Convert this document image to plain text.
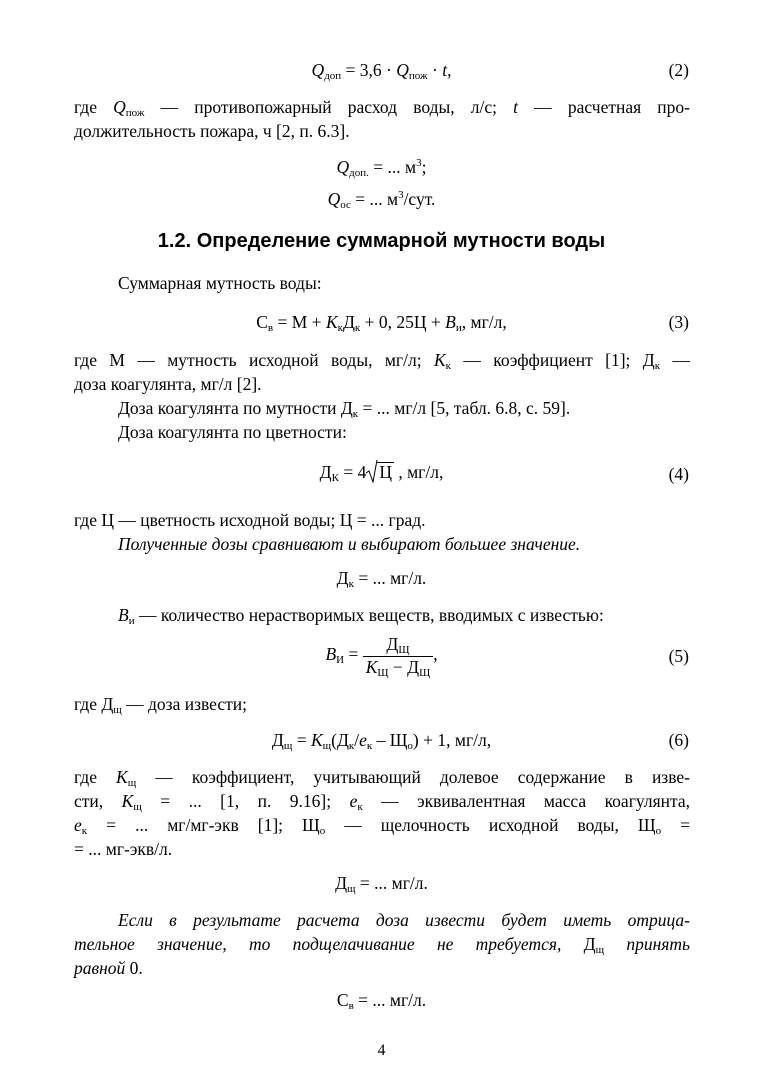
$Q_{доп} = 3,6 \cdot Q_{пож} \cdot t$,	(2)
где $Q_{пож}$ — противопожарный расход воды, л/с; t — расчетная про-
должительность пожара, ч [2, п. 6.3].
$Q_{доп.}$ = ... $м^3$;
$Q_{ос}$ = ... $м^3$/сут.
1.2. Определение суммарной мутности воды
Суммарная мутность воды:
$С_в = М + K_кД_к + 0$, $25Ц + B_и$, мг/л,	(3)
где М — мутность исходной воды, мг/л; $K_к$ — коэффициент [1]; $Д_к$ —
доза коагулянта, мг/л [2].
Доза коагулянта по мутности $Д_к$ = ... мг/л [5, табл. 6.8, с. 59].
Доза коагулянта по цветности:
$Д_К = 4$ Ц , мг/л,	(4)
где Ц — цветность исходной воды; Ц = ... град.
Полученные дозы сравнивают и выбирают большее значение.
$Д_к$ = ... мг/л.
$B_и$ — количество нерастворимых веществ, вводимых с известью:
$B_И = \frac{Д_Щ}{K_Щ - Д_Щ}$ ,	(5)
где $Д_щ$ — доза извести;
$Д_щ = K_щ(Д_к/e_к - Щ_о) + 1$, мг/л,	(6)
где $K_щ$ — коэффициент, учитывающий долевое содержание в изве-
сти, $K_щ$ = ... [1, п. 9.16]; $e_к$ — эквивалентная масса коагулянта,
$e_к$ = ... мг/мг-экв [1]; $Щ_о$ — щелочность исходной воды, $Щ_о$ =
= ... мг-экв/л.
$Д_щ$ = ... мг/л.
Если в результате расчета доза извести будет иметь отрица-
тельное значение, то подщелачивание не требуется, $Д_щ$ принять
равной 0.
$С_в$ = ... мг/л.
4
